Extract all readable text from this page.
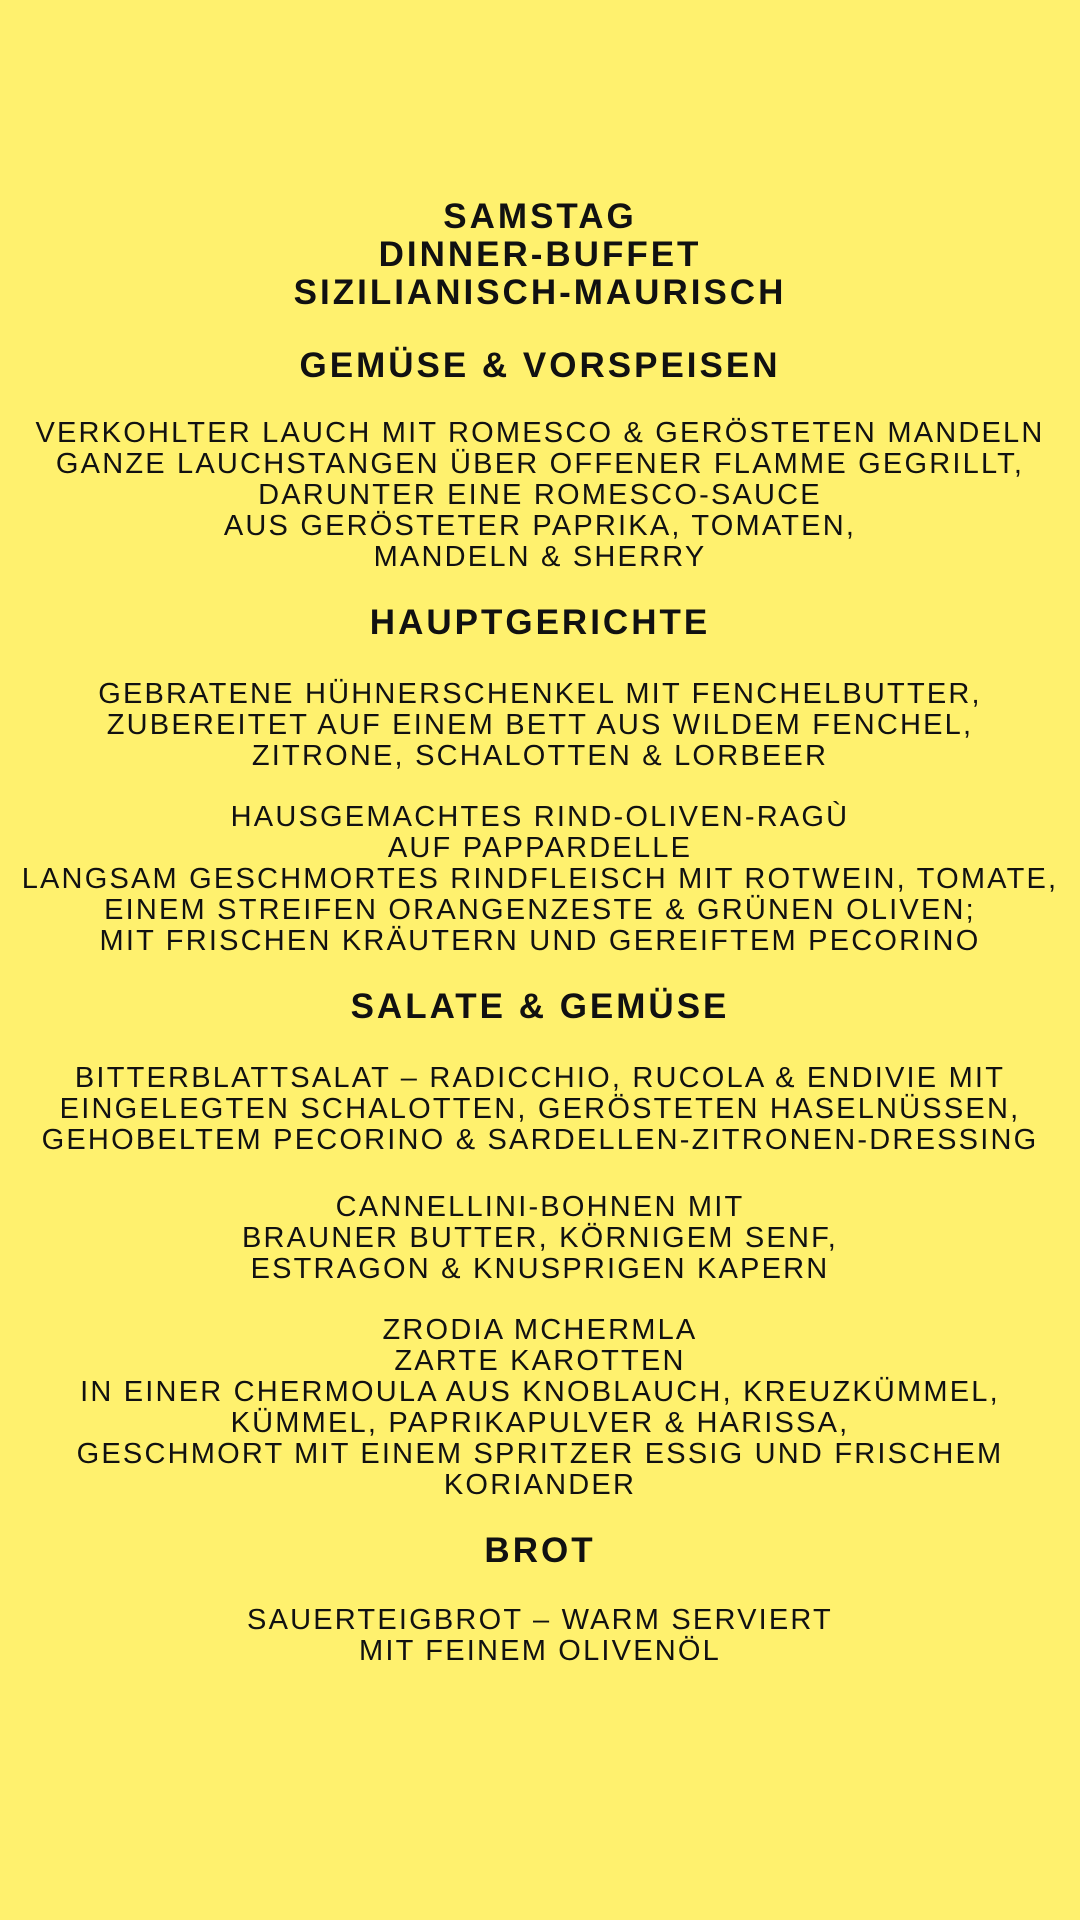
SAMSTAG
DINNER-BUFFET
SIZILIANISCH-MAURISCH
GEMÜSE & VORSPEISEN
VERKOHLTER LAUCH MIT ROMESCO & GERÖSTETEN MANDELN
GANZE LAUCHSTANGEN ÜBER OFFENER FLAMME GEGRILLT,
DARUNTER EINE ROMESCO-SAUCE
AUS GERÖSTETER PAPRIKA, TOMATEN,
MANDELN & SHERRY
HAUPTGERICHTE
GEBRATENE HÜHNERSCHENKEL MIT FENCHELBUTTER,
ZUBEREITET AUF EINEM BETT AUS WILDEM FENCHEL,
ZITRONE, SCHALOTTEN & LORBEER
HAUSGEMACHTES RIND-OLIVEN-RAGÙ
AUF PAPPARDELLE
LANGSAM GESCHMORTES RINDFLEISCH MIT ROTWEIN, TOMATE,
EINEM STREIFEN ORANGENZESTE & GRÜNEN OLIVEN;
MIT FRISCHEN KRÄUTERN UND GEREIFTEM PECORINO
SALATE & GEMÜSE
BITTERBLATTSALAT – RADICCHIO, RUCOLA & ENDIVIE MIT
EINGELEGTEN SCHALOTTEN, GERÖSTETEN HASELNÜSSEN,
GEHOBELTEM PECORINO & SARDELLEN-ZITRONEN-DRESSING
CANNELLINI-BOHNEN MIT
BRAUNER BUTTER, KÖRNIGEM SENF,
ESTRAGON & KNUSPRIGEN KAPERN
ZRODIA MCHERMLA
ZARTE KAROTTEN
IN EINER CHERMOULA AUS KNOBLAUCH, KREUZKÜMMEL,
KÜMMEL, PAPRIKAPULVER & HARISSA,
GESCHMORT MIT EINEM SPRITZER ESSIG UND FRISCHEM
KORIANDER
BROT
SAUERTEIGBROT – WARM SERVIERT
MIT FEINEM OLIVENÖL
